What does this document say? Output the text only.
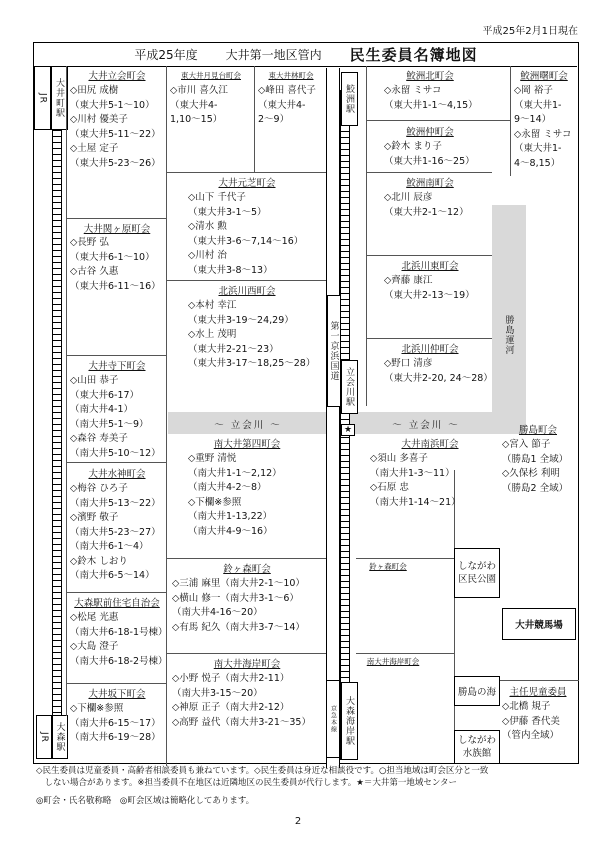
平成25年2月1日現在
平成25年度 大井第一地区管内 民生委員名簿地図
JR 大井町駅
JR 大森駅
鮫洲駅
立会川駅
大森海岸駅
京急本線
第一京浜国道
★
～ 立会川 ～	～ 立会川 ～
勝島運河
大井立会町会	東大井月見台町会	東大井林町会	鮫洲北町会
鮫洲仲町会
鮫洲曙町会
大井元芝町会	鮫洲南町会
大井関ヶ原町会
北浜川西町会
北浜川東町会
北浜川仲町会
大井寺下町会
南大井第四町会	大井南浜町会
勝島町会
大井水神町会
鈴ヶ森町会
大森駅前住宅自治会
南大井海岸町会
大井坂下町会	主任児童委員
鈴ヶ森町会
南大井海岸町会
◇田尻 成樹
（東大井5-1～10）
◇川村 優美子
（東大井5-11～22）
◇土屋 定子
（東大井5-23～26）
◇市川 喜久江
（東大井4-
1,10～15）
◇峰田 喜代子
（東大井4-
2～9）
◇永留 ミサコ
（東大井1-1～4,15）
◇鈴木 まり子
（東大井1-16～25）
◇岡 裕子
（東大井1-
9～14）
◇永留 ミサコ
（東大井1-
4～8,15）
◇山下 千代子
（東大井3-1～5）
◇清水 勲
（東大井3-6～7,14～16）
◇川村 治
（東大井3-8～13）
◇北川 辰彦
（東大井2-1～12）
◇長野 弘
（東大井6-1～10）
◇古谷 久惠
（東大井6-11～16）
◇本村 幸江
（東大井3-19～24,29）
◇水上 茂明
（東大井2-21～23）
（東大井3-17～18,25～28）
◇齊藤 康江
（東大井2-13～19）
◇野口 清彦
（東大井2-20, 24～28）
◇山田 恭子
（東大井6-17）
（南大井4-1）
（南大井5-1～9）
◇森谷 寿美子
（南大井5-10～12）	◇重野 清悦
（南大井1-1～2,12）
（南大井4-2～8）
◇下欄※参照
（南大井1-13,22）
（南大井4-9～16）
◇須山 多喜子
（南大井1-3～11）
◇石原 忠
（南大井1-14～21）
◇宮入 節子
（勝島1 全域）
◇久保杉 利明
（勝島2 全域）
◇梅谷 ひろ子
（南大井5-13～22）
◇濱野 敬子
（南大井5-23～27）
（南大井6-1～4）
◇鈴木 しおり
（南大井6-5～14）
◇三浦 麻里（南大井2-1～10）
◇横山 修一（南大井3-1～6）
（南大井4-16～20）
◇有馬 紀久（南大井3-7～14）
◇松尾 光惠
（南大井6-18-1号棟）
◇大島 澄子
（南大井6-18-2号棟）
◇小野 悦子（南大井2-11）
（南大井3-15～20）
◇神原 正子（南大井2-12）
◇高野 益代（南大井3-21～35）
◇下欄※参照
（南大井6-15～17）
（南大井6-19～28）
◇北橋 規子
◇伊藤 香代美
（管内全域）
しながわ
区民公園
大井競馬場
勝島の海
しながわ
水族館
◇民生委員は児童委員・高齢者相談委員も兼ねています。◇民生委員は身近な相談役です。○担当地域は町会区分と一致
　しない場合があります。※担当委員不在地区は近隣地区の民生委員が代行します。★＝大井第一地域センター
◎町会・氏名敬称略　◎町会区域は簡略化してあります。
2
